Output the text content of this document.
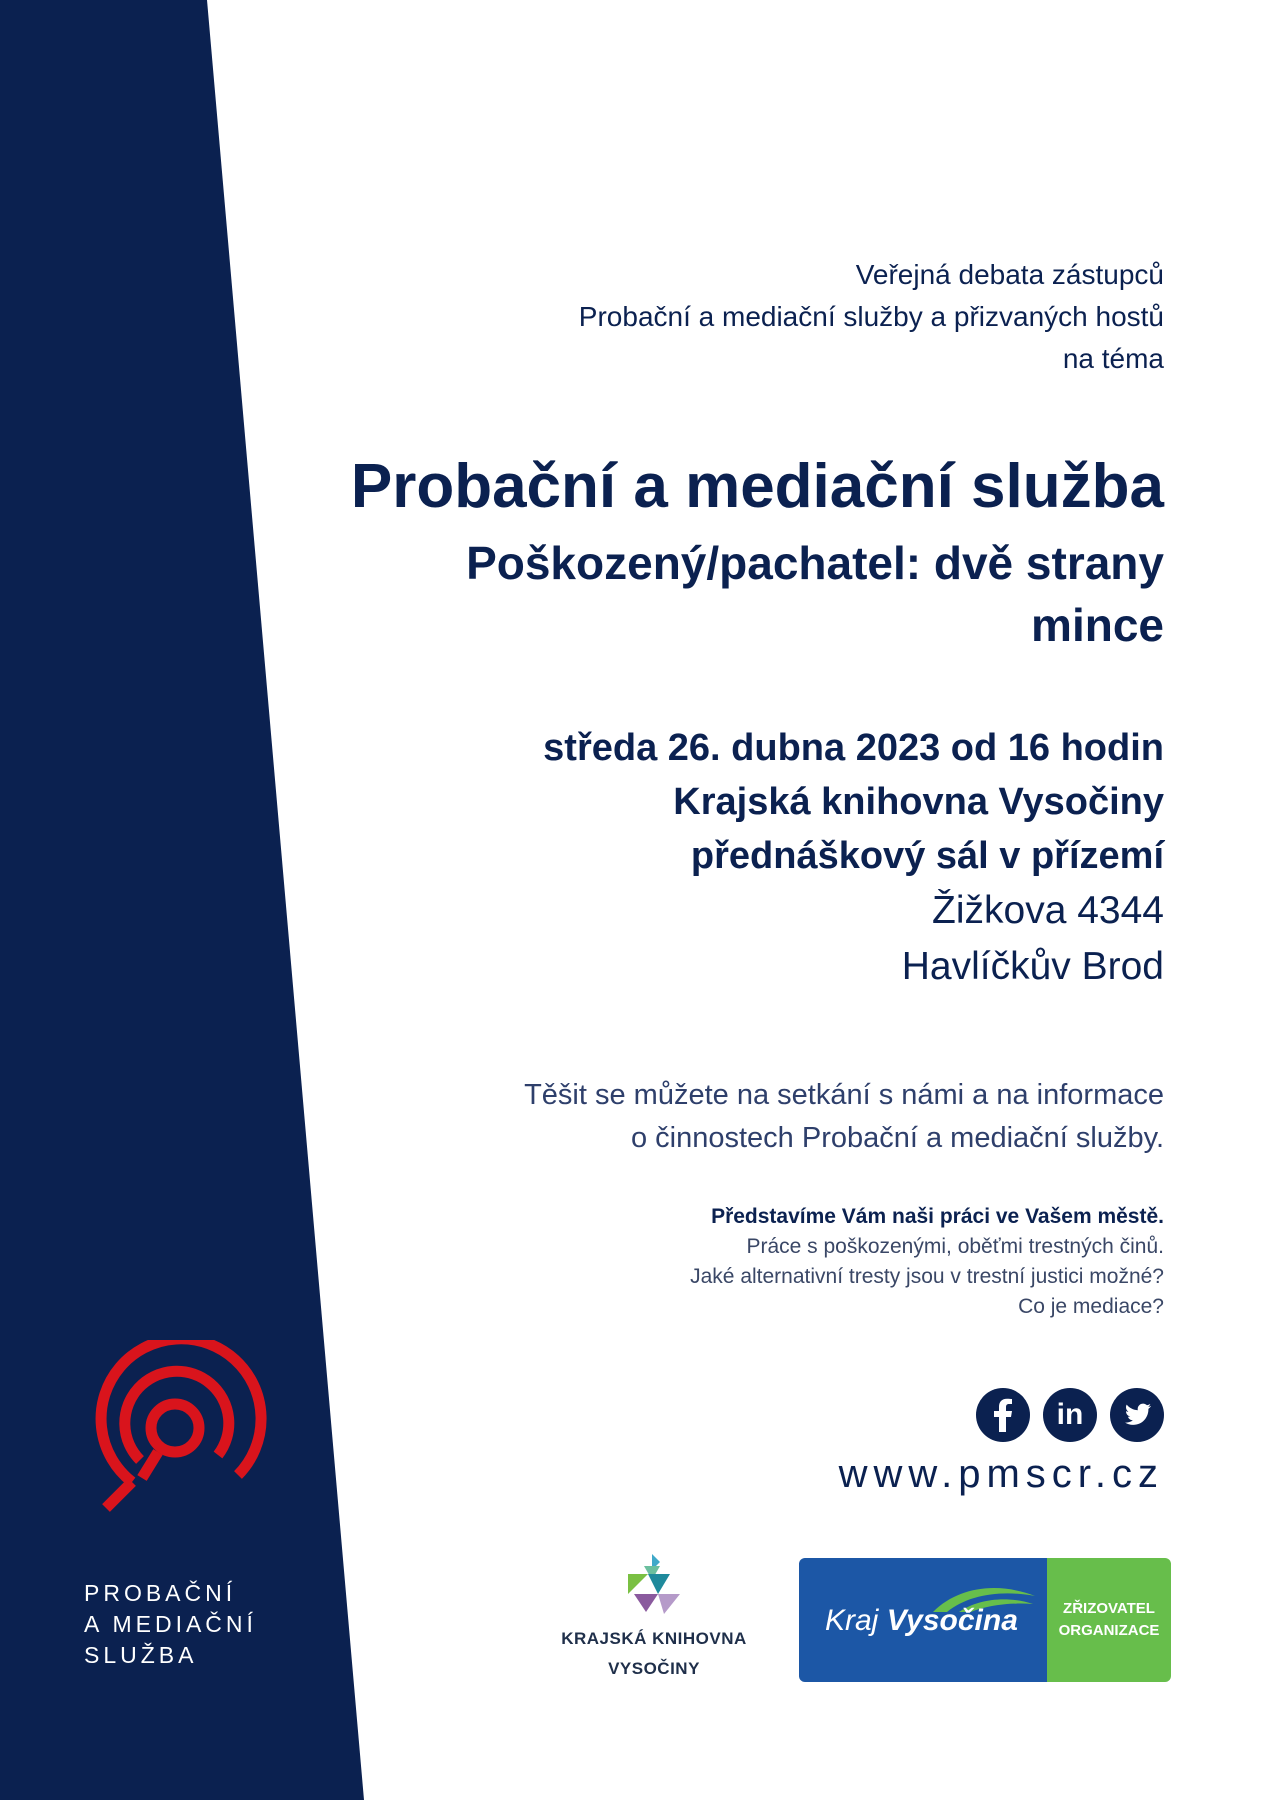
Veřejná debata zástupců
Probační a mediační služby a přizvaných hostů
na téma
Probační a mediační služba
Poškozený/pachatel: dvě strany mince
středa 26. dubna 2023 od 16 hodin
Krajská knihovna Vysočiny
přednáškový sál v přízemí
Žižkova 4344
Havlíčkův Brod
Těšit se můžete na setkání s námi a na informace
o činnostech Probační a mediační služby.
Představíme Vám naši práci ve Vašem městě.
Práce s poškozenými, oběťmi trestných činů.
Jaké alternativní tresty jsou v trestní justici možné?
Co je mediace?
in
www.pmscr.cz
PROBAČNÍ
A MEDIAČNÍ
SLUŽBA
KRAJSKÁ KNIHOVNA
VYSOČINY
Kraj Vysočina	ZŘIZOVATEL
ORGANIZACE
